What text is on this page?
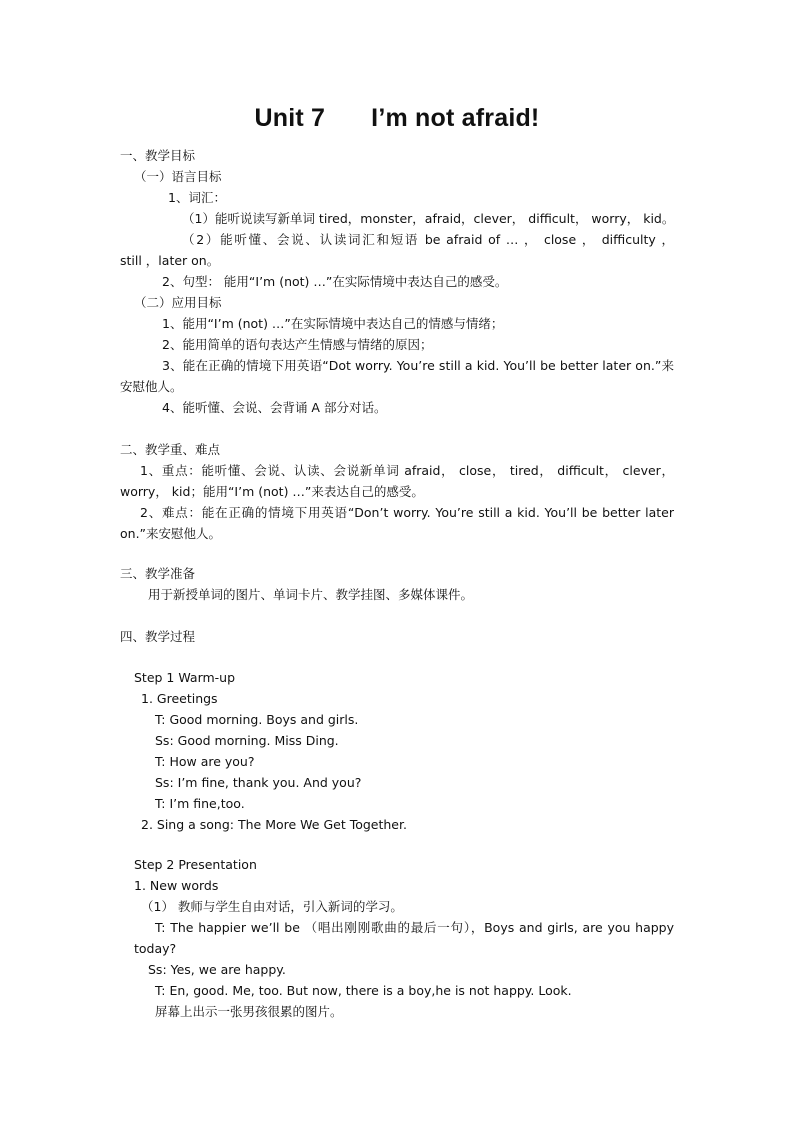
Unit 7 I’m not afraid!
一、教学目标
（一）语言目标
1、词汇：
（1）能听说读写新单词 tired，monster，afraid，clever， difficult， worry， kid。
（2）能听懂、会说、认读词汇和短语 be afraid of … ， close ， difficulty ，
still ，later on。
2、句型： 能用“I’m (not) …”在实际情境中表达自己的感受。
（二）应用目标
1、能用“I’m (not) …”在实际情境中表达自己的情感与情绪；
2、能用简单的语句表达产生情感与情绪的原因；
3、能在正确的情境下用英语“Dot worry. You’re still a kid. You’ll be better later on.”来
安慰他人。
4、能听懂、会说、会背诵 A 部分对话。
二、教学重、难点
1、重点：能听懂、会说、认读、会说新单词 afraid， close， tired， difficult， clever，
worry， kid；能用“I’m (not) …”来表达自己的感受。
2、难点：能在正确的情境下用英语“Don’t worry. You’re still a kid. You’ll be better later
on.”来安慰他人。
三、教学准备
用于新授单词的图片、单词卡片、教学挂图、多媒体课件。
四、教学过程
Step 1 Warm-up
1. Greetings
T: Good morning. Boys and girls.
Ss: Good morning. Miss Ding.
T: How are you?
Ss: I’m fine, thank you. And you?
T: I’m fine,too.
2. Sing a song: The More We Get Together.
Step 2 Presentation
1. New words
（1） 教师与学生自由对话，引入新词的学习。
T: The happier we’ll be （唱出刚刚歌曲的最后一句），Boys and girls, are you happy
today?
Ss: Yes, we are happy.
T: En, good. Me, too. But now, there is a boy,he is not happy. Look.
屏幕上出示一张男孩很累的图片。
